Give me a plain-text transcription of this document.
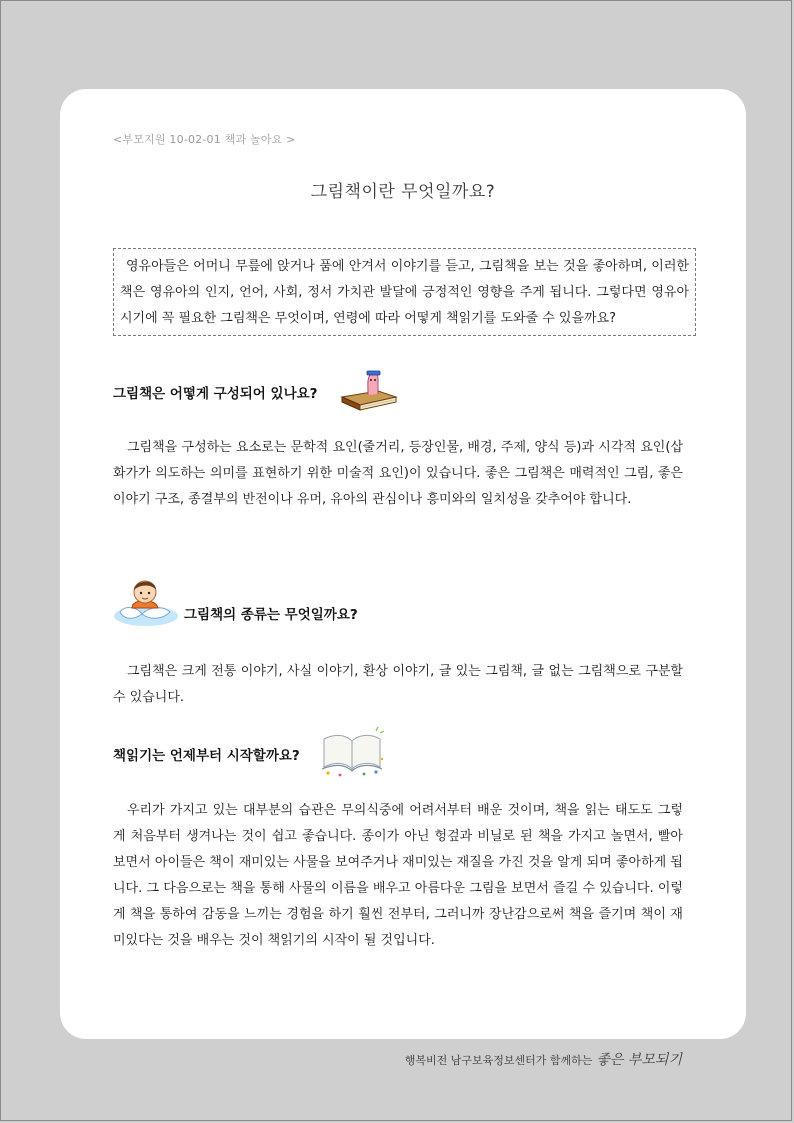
<부모지원 10-02-01 책과 놀아요 >
그림책이란 무엇일까요?

영유아들은 어머니 무릎에 앉거나 품에 안겨서 이야기를 듣고, 그림책을 보는 것을 좋아하며, 이러한 책은 영유아의 인지, 언어, 사회, 정서 가치관 발달에 긍정적인 영향을 주게 됩니다. 그렇다면 영유아 시기에 꼭 필요한 그림책은 무엇이며, 연령에 따라 어떻게 책읽기를 도와줄 수 있을까요?

그림책은 어떻게 구성되어 있나요?

그림책을 구성하는 요소로는 문학적 요인(줄거리, 등장인물, 배경, 주제, 양식 등)과 시각적 요인(삽화가가 의도하는 의미를 표현하기 위한 미술적 요인)이 있습니다. 좋은 그림책은 매력적인 그림, 좋은 이야기 구조, 종결부의 반전이나 유머, 유아의 관심이나 흥미와의 일치성을 갖추어야 합니다.

그림책의 종류는 무엇일까요?

그림책은 크게 전통 이야기, 사실 이야기, 환상 이야기, 글 있는 그림책, 글 없는 그림책으로 구분할 수 있습니다.

책읽기는 언제부터 시작할까요?

우리가 가지고 있는 대부분의 습관은 무의식중에 어려서부터 배운 것이며, 책을 읽는 태도도 그렇게 처음부터 생겨나는 것이 쉽고 좋습니다. 종이가 아닌 헝겊과 비닐로 된 책을 가지고 놀면서, 빨아 보면서 아이들은 책이 재미있는 사물을 보여주거나 재미있는 재질을 가진 것을 알게 되며 좋아하게 됩니다. 그 다음으로는 책을 통해 사물의 이름을 배우고 아름다운 그림을 보면서 즐길 수 있습니다. 이렇게 책을 통하여 감동을 느끼는 경험을 하기 훨씬 전부터, 그러니까 장난감으로써 책을 즐기며 책이 재미있다는 것을 배우는 것이 책읽기의 시작이 될 것입니다.

행복비전 남구보육정보센터가 함께하는 좋은 부모되기
